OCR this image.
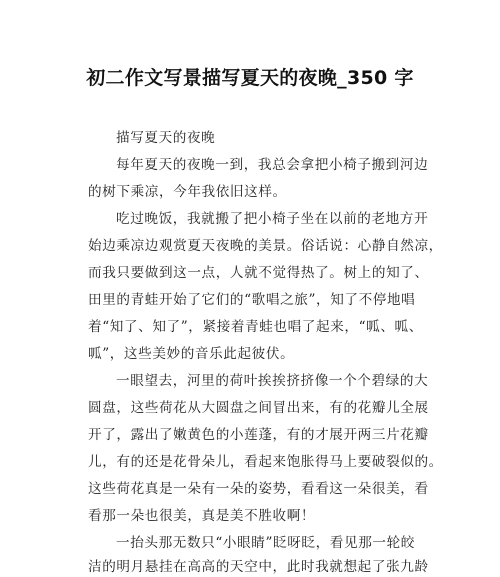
初二作文写景描写夏天的夜晚_350 字
描写夏天的夜晚
每年夏天的夜晚一到，我总会拿把小椅子搬到河边
的树下乘凉，今年我依旧这样。
吃过晚饭，我就搬了把小椅子坐在以前的老地方开
始边乘凉边观赏夏天夜晚的美景。俗话说：心静自然凉，
而我只要做到这一点，人就不觉得热了。树上的知了、
田里的青蛙开始了它们的“歌唱之旅”，知了不停地唱
着“知了、知了”，紧接着青蛙也唱了起来，“呱、呱、
呱”，这些美妙的音乐此起彼伏。
一眼望去，河里的荷叶挨挨挤挤像一个个碧绿的大
圆盘，这些荷花从大圆盘之间冒出来，有的花瓣儿全展
开了，露出了嫩黄色的小莲蓬，有的才展开两三片花瓣
儿，有的还是花骨朵儿，看起来饱胀得马上要破裂似的。
这些荷花真是一朵有一朵的姿势，看看这一朵很美，看
看那一朵也很美，真是美不胜收啊！
一抬头那无数只“小眼睛”眨呀眨，看见那一轮皎
洁的明月悬挂在高高的天空中，此时我就想起了张九龄
